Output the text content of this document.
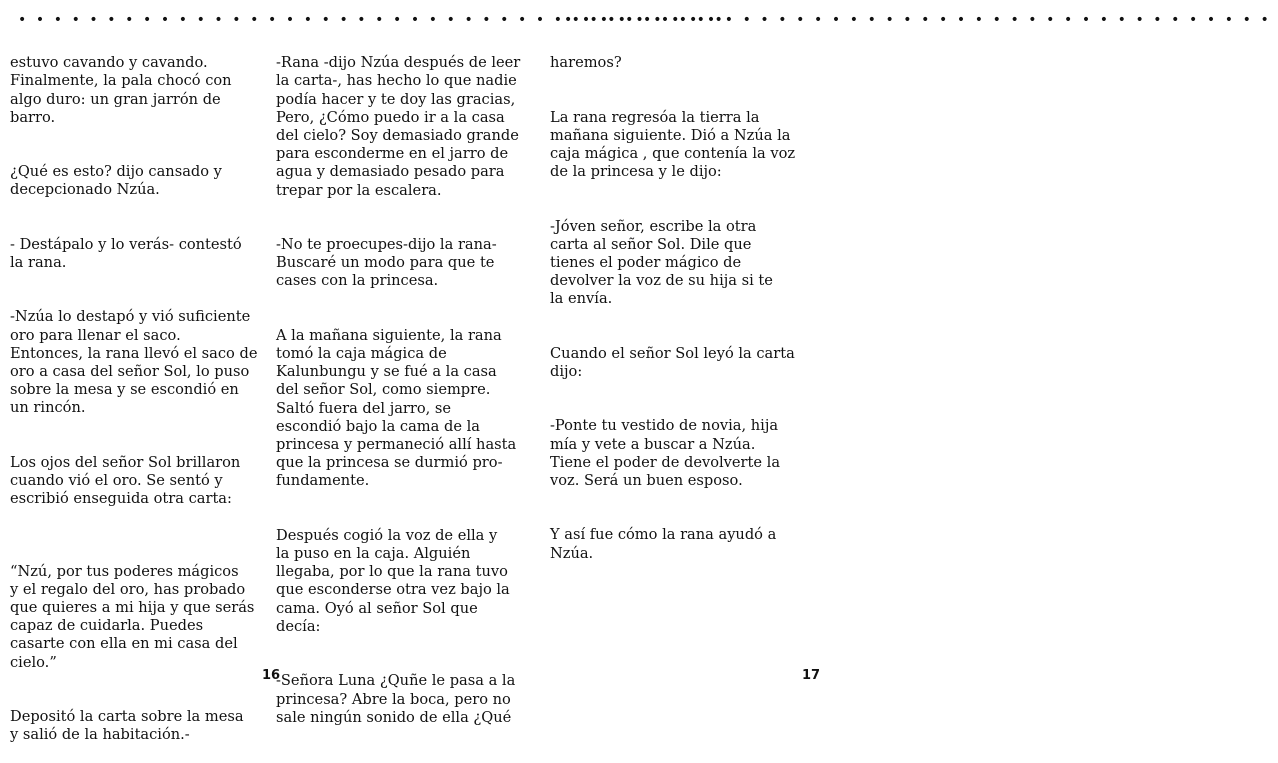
••••••••••••••••••••••••••••••••••••••••

estuvo cavando y cavando.
Finalmente, la pala chocó con
algo duro: un gran jarrón de
barro.

¿Qué es esto? dijo cansado y
decepcionado Nzúa.

- Destápalo y lo verás- contestó
la rana.

-Nzúa lo destapó y vió suficiente
oro para llenar el saco.
Entonces, la rana llevó el saco de
oro a casa del señor Sol, lo puso
sobre la mesa y se escondió en
un rincón.

Los ojos del señor Sol brillaron
cuando vió el oro. Se sentó y
escribió enseguida otra carta:

“Nzú, por tus poderes mágicos
y el regalo del oro, has probado
que quieres a mi hija y que serás
capaz de cuidarla. Puedes
casarte con ella en mi casa del
cielo.”

Depositó la carta sobre la mesa
y salió de la habitación.-

-Rana -dijo Nzúa después de leer
la carta-, has hecho lo que nadie
podía hacer y te doy las gracias,
Pero, ¿Cómo puedo ir a la casa
del cielo? Soy demasiado grande
para esconderme en el jarro de
agua y demasiado pesado para
trepar por la escalera.

-No te proecupes-dijo la rana-
Buscaré un modo para que te
cases con la princesa.

A la mañana siguiente, la rana
tomó la caja mágica de
Kalunbungu y se fué a la casa
del señor Sol, como siempre.
Saltó fuera del jarro, se
escondió bajo la cama de la
princesa y permaneció allí hasta
que la princesa se durmió pro-
fundamente.

Después cogió la voz de ella y
la puso en la caja. Alguién
llegaba, por lo que la rana tuvo
que esconderse otra vez bajo la
cama. Oyó al señor Sol que
decía:

-Señora Luna ¿Quñe le pasa a la
princesa? Abre la boca, pero no
sale ningún sonido de ella ¿Qué

16
••••••••••••••••••••••••••••••••••••••••

haremos?

La rana regresóa la tierra la
mañana siguiente. Dió a Nzúa la
caja mágica , que contenía la voz
de la princesa y le dijo:

-Jóven señor, escribe la otra
carta al señor Sol. Dile que
tienes el poder mágico de
devolver la voz de su hija si te
la envía.

Cuando el señor Sol leyó la carta
dijo:

-Ponte tu vestido de novia, hija
mía y vete a buscar a Nzúa.
Tiene el poder de devolverte la
voz. Será un buen esposo.

Y así fue cómo la rana ayudó a
Nzúa.

17
